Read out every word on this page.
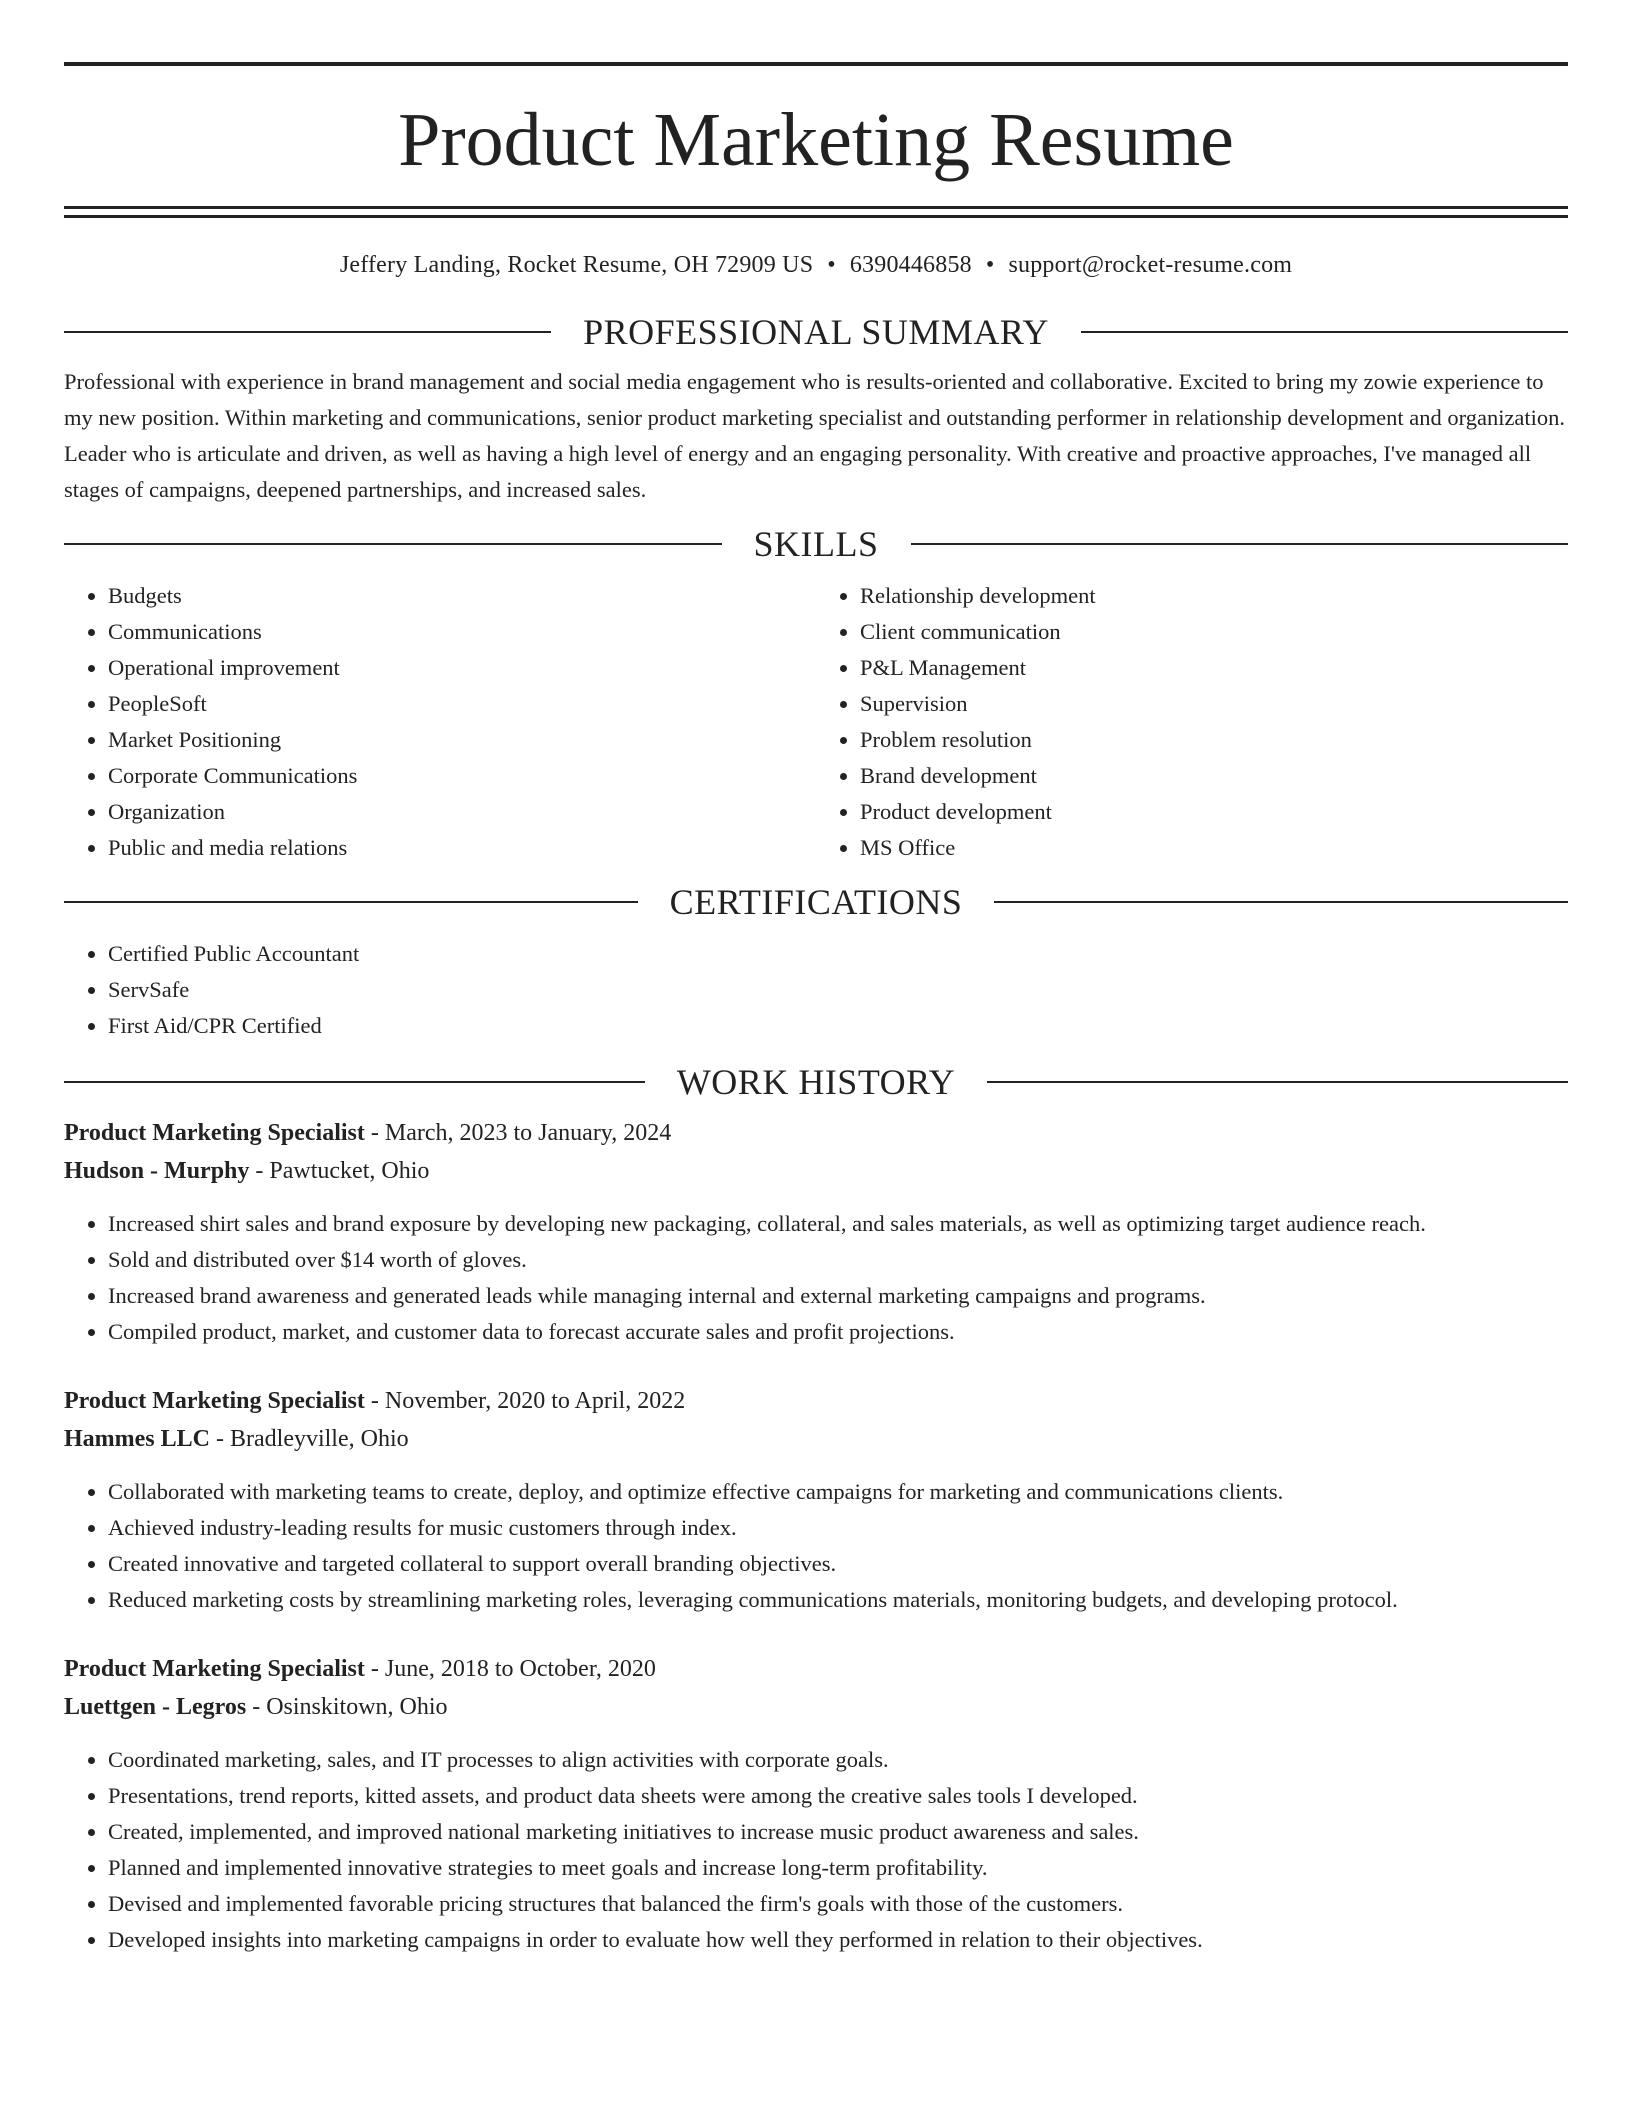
Product Marketing Resume
Jeffery Landing, Rocket Resume, OH 72909 US • 6390446858 • support@rocket-resume.com
PROFESSIONAL SUMMARY
Professional with experience in brand management and social media engagement who is results-oriented and collaborative. Excited to bring my zowie experience to my new position. Within marketing and communications, senior product marketing specialist and outstanding performer in relationship development and organization. Leader who is articulate and driven, as well as having a high level of energy and an engaging personality. With creative and proactive approaches, I've managed all stages of campaigns, deepened partnerships, and increased sales.
SKILLS
• Budgets
• Communications
• Operational improvement
• PeopleSoft
• Market Positioning
• Corporate Communications
• Organization
• Public and media relations
• Relationship development
• Client communication
• P&L Management
• Supervision
• Problem resolution
• Brand development
• Product development
• MS Office
CERTIFICATIONS
• Certified Public Accountant
• ServSafe
• First Aid/CPR Certified
WORK HISTORY
Product Marketing Specialist - March, 2023 to January, 2024
Hudson - Murphy - Pawtucket, Ohio
• Increased shirt sales and brand exposure by developing new packaging, collateral, and sales materials, as well as optimizing target audience reach.
• Sold and distributed over $14 worth of gloves.
• Increased brand awareness and generated leads while managing internal and external marketing campaigns and programs.
• Compiled product, market, and customer data to forecast accurate sales and profit projections.
Product Marketing Specialist - November, 2020 to April, 2022
Hammes LLC - Bradleyville, Ohio
• Collaborated with marketing teams to create, deploy, and optimize effective campaigns for marketing and communications clients.
• Achieved industry-leading results for music customers through index.
• Created innovative and targeted collateral to support overall branding objectives.
• Reduced marketing costs by streamlining marketing roles, leveraging communications materials, monitoring budgets, and developing protocol.
Product Marketing Specialist - June, 2018 to October, 2020
Luettgen - Legros - Osinskitown, Ohio
• Coordinated marketing, sales, and IT processes to align activities with corporate goals.
• Presentations, trend reports, kitted assets, and product data sheets were among the creative sales tools I developed.
• Created, implemented, and improved national marketing initiatives to increase music product awareness and sales.
• Planned and implemented innovative strategies to meet goals and increase long-term profitability.
• Devised and implemented favorable pricing structures that balanced the firm's goals with those of the customers.
• Developed insights into marketing campaigns in order to evaluate how well they performed in relation to their objectives.
